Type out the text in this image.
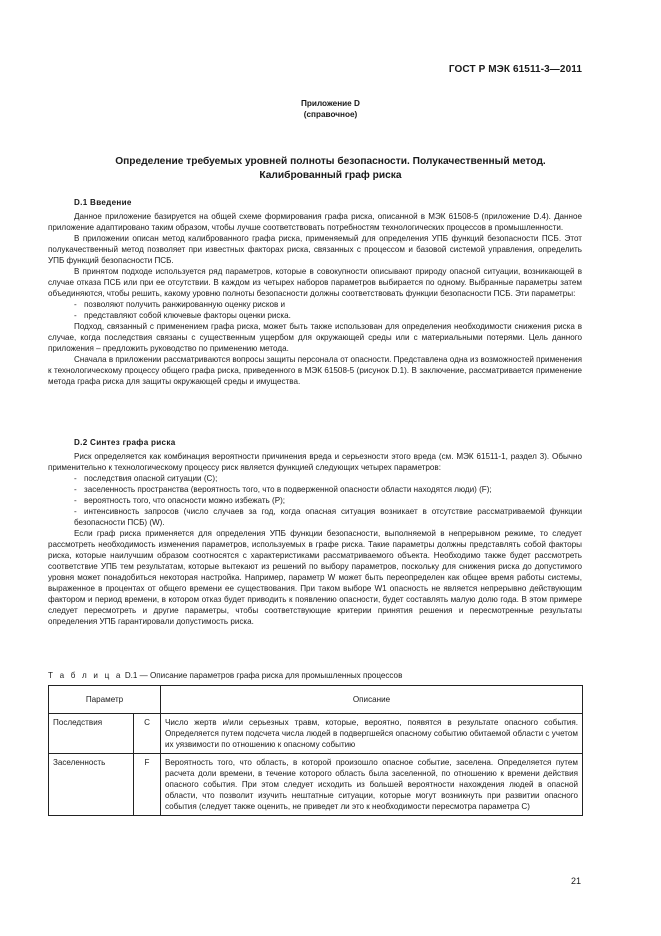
ГОСТ Р МЭК 61511-3—2011
Приложение D
(справочное)
Определение требуемых уровней полноты безопасности. Полукачественный метод.
Калиброванный граф риска
D.1 Введение

Данное приложение базируется на общей схеме формирования графа риска, описанной в МЭК 61508-5 (приложение D.4). Данное приложение адаптировано таким образом, чтобы лучше соответствовать потребностям технологических процессов в промышленности.

В приложении описан метод калиброванного графа риска, применяемый для определения УПБ функций безопасности ПСБ. Этот полукачественный метод позволяет при известных факторах риска, связанных с процессом и базовой системой управления, определить УПБ функций безопасности ПСБ.

В принятом подходе используется ряд параметров, которые в совокупности описывают природу опасной ситуации, возникающей в случае отказа ПСБ или при ее отсутствии. В каждом из четырех наборов параметров выбирается по одному. Выбранные параметры затем объединяются, чтобы решить, какому уровню полноты безопасности должны соответствовать функции безопасности ПСБ. Эти параметры:

- позволяют получить ранжированную оценку рисков и

- представляют собой ключевые факторы оценки риска.

Подход, связанный с применением графа риска, может быть также использован для определения необходимости снижения риска в случае, когда последствия связаны с существенным ущербом для окружающей среды или с материальными потерями. Цель данного приложения – предложить руководство по применению метода.

Сначала в приложении рассматриваются вопросы защиты персонала от опасности. Представлена одна из возможностей применения к технологическому процессу общего графа риска, приведенного в МЭК 61508-5 (рисунок D.1). В заключение, рассматривается применение метода графа риска для защиты окружающей среды и имущества.

D.2 Синтез графа риска

Риск определяется как комбинация вероятности причинения вреда и серьезности этого вреда (см. МЭК 61511-1, раздел 3). Обычно применительно к технологическому процессу риск является функцией следующих четырех параметров:

- последствия опасной ситуации (C);

- заселенность пространства (вероятность того, что в подверженной опасности области находятся люди) (F);

- вероятность того, что опасности можно избежать (P);

- интенсивность запросов (число случаев за год, когда опасная ситуация возникает в отсутствие рассматриваемой функции безопасности ПСБ) (W).

Если граф риска применяется для определения УПБ функции безопасности, выполняемой в непрерывном режиме, то следует рассмотреть необходимость изменения параметров, используемых в графе риска. Такие параметры должны представлять собой факторы риска, которые наилучшим образом соотносятся с характеристиками рассматриваемого объекта. Необходимо также будет рассмотреть соответствие УПБ тем результатам, которые вытекают из решений по выбору параметров, поскольку для снижения риска до допустимого уровня может понадобиться некоторая настройка. Например, параметр W может быть переопределен как общее время работы системы, выраженное в процентах от общего времени ее существования. При таком выборе W1 опасность не является непрерывно действующим фактором и период времени, в котором отказ будет приводить к появлению опасности, будет составлять малую долю года. В этом примере следует пересмотреть и другие параметры, чтобы соответствующие критерии принятия решения и пересмотренные результаты определения УПБ гарантировали допустимость риска.

Т а б л и ц а D.1 — Описание параметров графа риска для промышленных процессов
Параметр		Описание
Последствия	C	Число жертв и/или серьезных травм, которые, вероятно, появятся в результате опасного события. Определяется путем подсчета числа людей в подвергшейся опасному событию обитаемой области с учетом их уязвимости по отношению к опасному событию
Заселенность	F	Вероятность того, что область, в которой произошло опасное событие, заселена. Определяется путем расчета доли времени, в течение которого область была заселенной, по отношению к времени действия опасного события. При этом следует исходить из большей вероятности нахождения людей в опасной области, что позволит изучить нештатные ситуации, которые могут возникнуть при развитии опасного события (следует также оценить, не приведет ли это к необходимости пересмотра параметра C)
21
